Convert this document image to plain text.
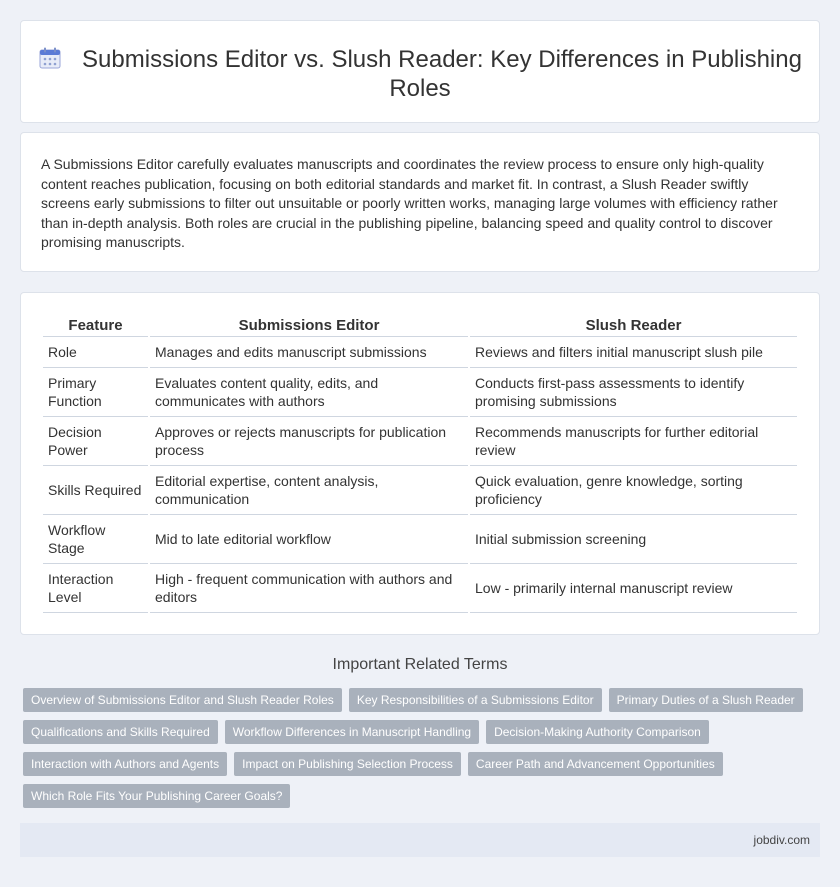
Submissions Editor vs. Slush Reader: Key Differences in Publishing Roles

A Submissions Editor carefully evaluates manuscripts and coordinates the review process to ensure only high-quality content reaches publication, focusing on both editorial standards and market fit. In contrast, a Slush Reader swiftly screens early submissions to filter out unsuitable or poorly written works, managing large volumes with efficiency rather than in-depth analysis. Both roles are crucial in the publishing pipeline, balancing speed and quality control to discover promising manuscripts.

Feature	Submissions Editor	Slush Reader
Role	Manages and edits manuscript submissions	Reviews and filters initial manuscript slush pile
Primary Function	Evaluates content quality, edits, and communicates with authors	Conducts first-pass assessments to identify promising submissions
Decision Power	Approves or rejects manuscripts for publication process	Recommends manuscripts for further editorial review
Skills Required	Editorial expertise, content analysis, communication	Quick evaluation, genre knowledge, sorting proficiency
Workflow Stage	Mid to late editorial workflow	Initial submission screening
Interaction Level	High - frequent communication with authors and editors	Low - primarily internal manuscript review
Important Related Terms
Overview of Submissions Editor and Slush Reader Roles	Key Responsibilities of a Submissions Editor	Primary Duties of a Slush Reader
Qualifications and Skills Required	Workflow Differences in Manuscript Handling	Decision-Making Authority Comparison
Interaction with Authors and Agents	Impact on Publishing Selection Process	Career Path and Advancement Opportunities
Which Role Fits Your Publishing Career Goals?
jobdiv.com
